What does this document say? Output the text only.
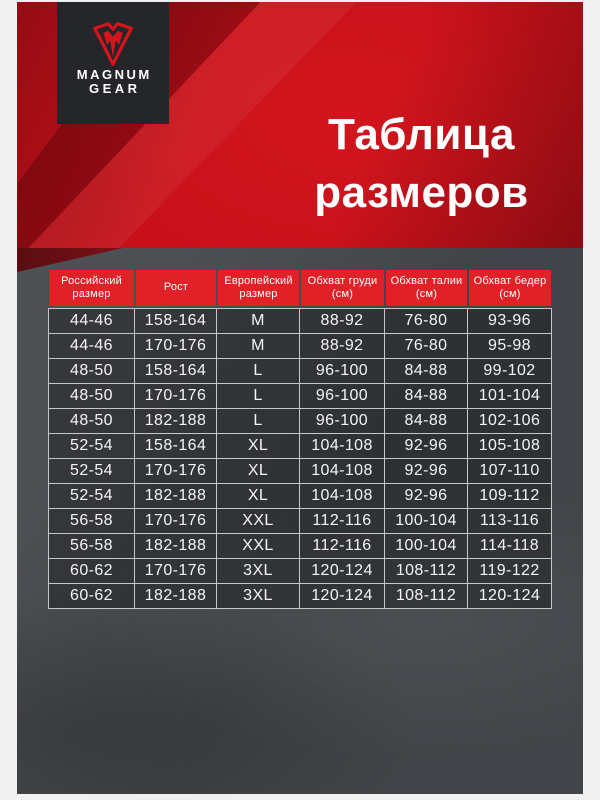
MAGNUM
GEAR
Таблица
размеров
Российский размер	Рост	Европейский размер	Обхват груди (см)	Обхват талии (см)	Обхват бедер (см)
44-46	158-164	M	88-92	76-80	93-96
44-46	170-176	M	88-92	76-80	95-98
48-50	158-164	L	96-100	84-88	99-102
48-50	170-176	L	96-100	84-88	101-104
48-50	182-188	L	96-100	84-88	102-106
52-54	158-164	XL	104-108	92-96	105-108
52-54	170-176	XL	104-108	92-96	107-110
52-54	182-188	XL	104-108	92-96	109-112
56-58	170-176	XXL	112-116	100-104	113-116
56-58	182-188	XXL	112-116	100-104	114-118
60-62	170-176	3XL	120-124	108-112	119-122
60-62	182-188	3XL	120-124	108-112	120-124
